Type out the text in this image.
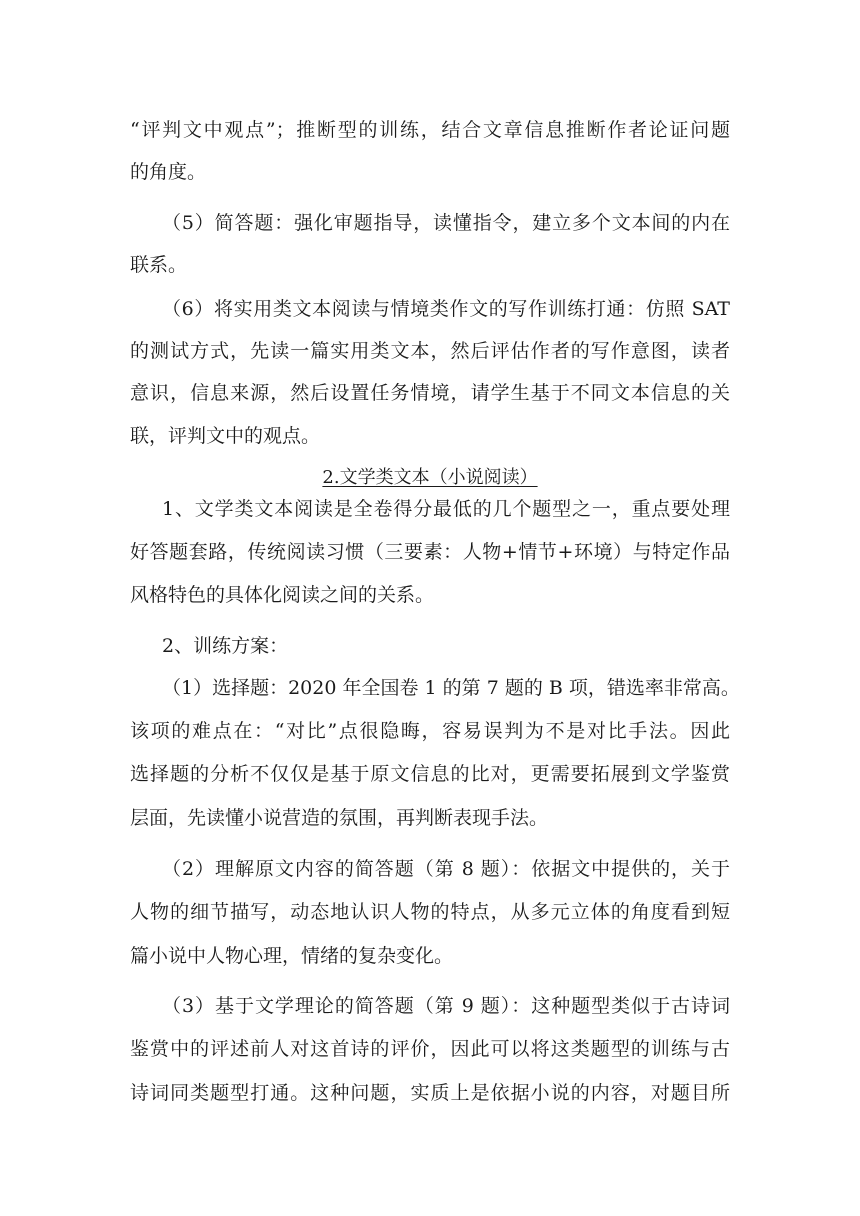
“评判文中观点”；推断型的训练，结合文章信息推断作者论证问题
的角度。
（5）简答题：强化审题指导，读懂指令，建立多个文本间的内在
联系。
（6）将实用类文本阅读与情境类作文的写作训练打通：仿照 SAT
的测试方式，先读一篇实用类文本，然后评估作者的写作意图，读者
意识，信息来源，然后设置任务情境，请学生基于不同文本信息的关
联，评判文中的观点。
2.文学类文本（小说阅读）
1、文学类文本阅读是全卷得分最低的几个题型之一，重点要处理
好答题套路，传统阅读习惯（三要素：人物+情节+环境）与特定作品
风格特色的具体化阅读之间的关系。
2、训练方案：
（1）选择题：2020 年全国卷 1 的第 7 题的 B 项，错选率非常高。
该项的难点在：“对比”点很隐晦，容易误判为不是对比手法。因此
选择题的分析不仅仅是基于原文信息的比对，更需要拓展到文学鉴赏
层面，先读懂小说营造的氛围，再判断表现手法。
（2）理解原文内容的简答题（第 8 题）：依据文中提供的，关于
人物的细节描写，动态地认识人物的特点，从多元立体的角度看到短
篇小说中人物心理，情绪的复杂变化。
（3）基于文学理论的简答题（第 9 题）：这种题型类似于古诗词
鉴赏中的评述前人对这首诗的评价，因此可以将这类题型的训练与古
诗词同类题型打通。这种问题，实质上是依据小说的内容，对题目所
